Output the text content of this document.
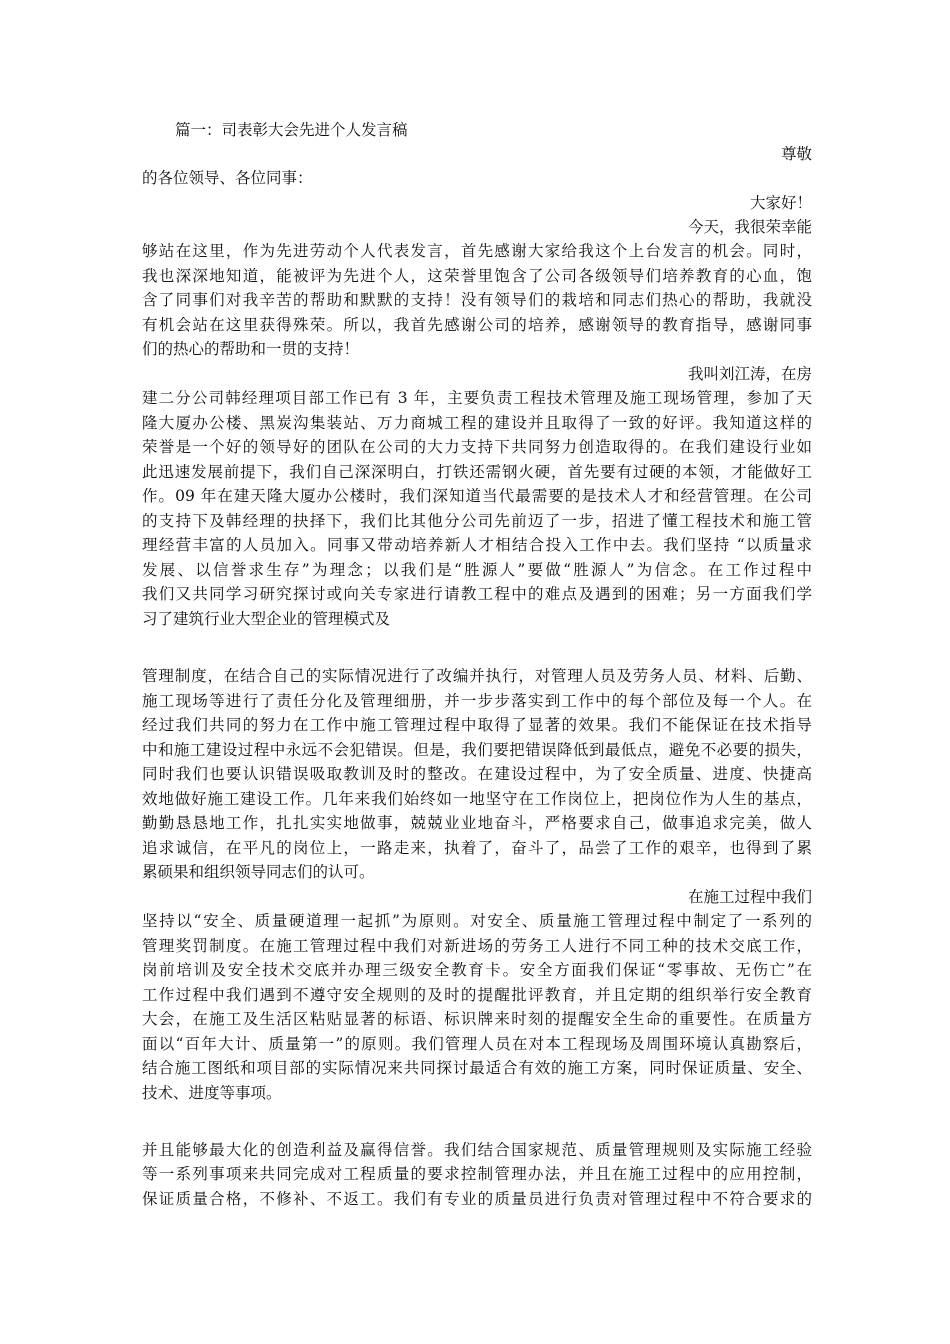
篇一：司表彰大会先进个人发言稿
尊敬
的各位领导、各位同事：
大家好！
今天，我很荣幸能
够站在这里，作为先进劳动个人代表发言，首先感谢大家给我这个上台发言的机会。同时，
我也深深地知道，能被评为先进个人，这荣誉里饱含了公司各级领导们培养教育的心血，饱
含了同事们对我辛苦的帮助和默默的支持！没有领导们的栽培和同志们热心的帮助，我就没
有机会站在这里获得殊荣。所以，我首先感谢公司的培养，感谢领导的教育指导，感谢同事
们的热心的帮助和一贯的支持！
我叫刘江涛，在房
建二分公司韩经理项目部工作已有 3 年，主要负责工程技术管理及施工现场管理，参加了天
隆大厦办公楼、黑炭沟集装站、万力商城工程的建设并且取得了一致的好评。我知道这样的
荣誉是一个好的领导好的团队在公司的大力支持下共同努力创造取得的。在我们建设行业如
此迅速发展前提下，我们自己深深明白，打铁还需钢火硬，首先要有过硬的本领，才能做好工
作。09 年在建天隆大厦办公楼时，我们深知道当代最需要的是技术人才和经营管理。在公司
的支持下及韩经理的抉择下，我们比其他分公司先前迈了一步，招进了懂工程技术和施工管
理经营丰富的人员加入。同事又带动培养新人才相结合投入工作中去。我们坚持 “以质量求
发展、以信誉求生存”为理念；以我们是“胜源人”要做“胜源人”为信念。在工作过程中
我们又共同学习研究探讨或向关专家进行请教工程中的难点及遇到的困难；另一方面我们学
习了建筑行业大型企业的管理模式及
管理制度，在结合自己的实际情况进行了改编并执行，对管理人员及劳务人员、材料、后勤、
施工现场等进行了责任分化及管理细册，并一步步落实到工作中的每个部位及每一个人。在
经过我们共同的努力在工作中施工管理过程中取得了显著的效果。我们不能保证在技术指导
中和施工建设过程中永远不会犯错误。但是，我们要把错误降低到最低点，避免不必要的损失，
同时我们也要认识错误吸取教训及时的整改。在建设过程中，为了安全质量、进度、快捷高
效地做好施工建设工作。几年来我们始终如一地坚守在工作岗位上，把岗位作为人生的基点，
勤勤恳恳地工作，扎扎实实地做事，兢兢业业地奋斗，严格要求自己，做事追求完美，做人
追求诚信，在平凡的岗位上，一路走来，执着了，奋斗了，品尝了工作的艰辛，也得到了累
累硕果和组织领导同志们的认可。
在施工过程中我们
坚持以“安全、质量硬道理一起抓”为原则。对安全、质量施工管理过程中制定了一系列的
管理奖罚制度。在施工管理过程中我们对新进场的劳务工人进行不同工种的技术交底工作，
岗前培训及安全技术交底并办理三级安全教育卡。安全方面我们保证“零事故、无伤亡”在
工作过程中我们遇到不遵守安全规则的及时的提醒批评教育，并且定期的组织举行安全教育
大会，在施工及生活区粘贴显著的标语、标识牌来时刻的提醒安全生命的重要性。在质量方
面以“百年大计、质量第一”的原则。我们管理人员在对本工程现场及周围环境认真勘察后，
结合施工图纸和项目部的实际情况来共同探讨最适合有效的施工方案，同时保证质量、安全、
技术、进度等事项。
并且能够最大化的创造利益及赢得信誉。我们结合国家规范、质量管理规则及实际施工经验
等一系列事项来共同完成对工程质量的要求控制管理办法，并且在施工过程中的应用控制，
保证质量合格，不修补、不返工。我们有专业的质量员进行负责对管理过程中不符合要求的
